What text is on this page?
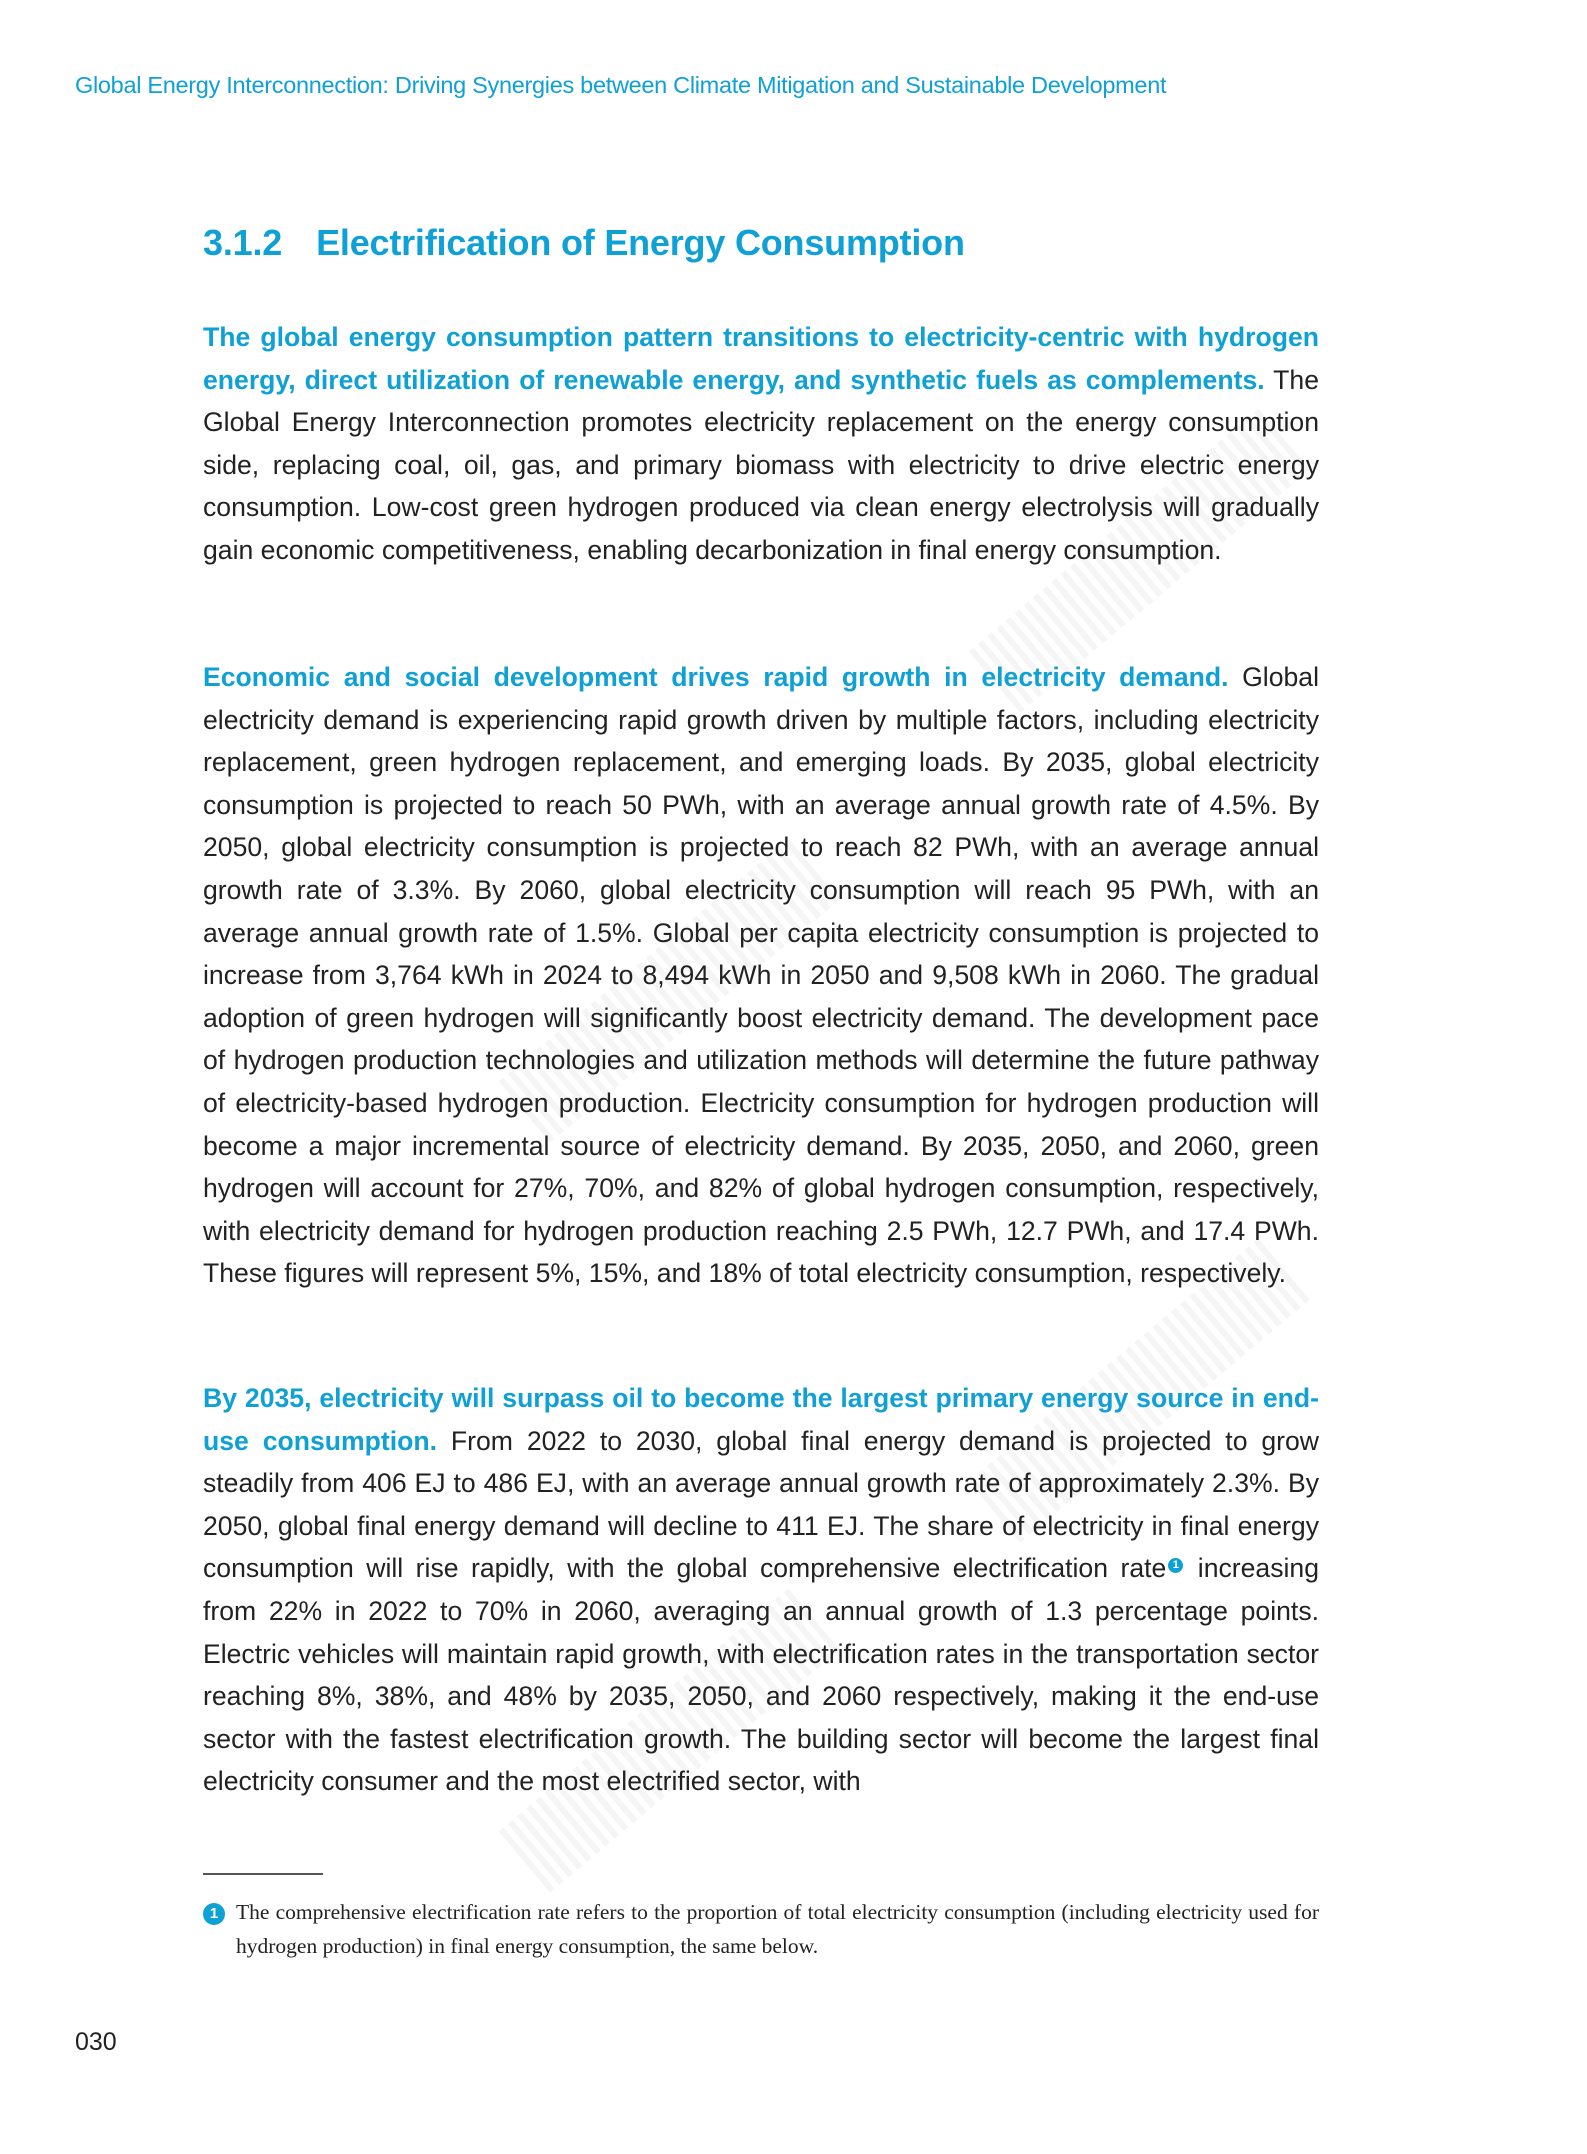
Global Energy Interconnection: Driving Synergies between Climate Mitigation and Sustainable Development
3.1.2 Electrification of Energy Consumption

The global energy consumption pattern transitions to electricity-centric with hydrogen energy, direct utilization of renewable energy, and synthetic fuels as complements. The Global Energy Interconnection promotes electricity replacement on the energy consumption side, replacing coal, oil, gas, and primary biomass with electricity to drive electric energy consumption. Low-cost green hydrogen produced via clean energy electrolysis will gradually gain economic competitiveness, enabling decarbonization in final energy consumption.

Economic and social development drives rapid growth in electricity demand. Global electricity demand is experiencing rapid growth driven by multiple factors, including electricity replacement, green hydrogen replacement, and emerging loads. By 2035, global electricity consumption is projected to reach 50 PWh, with an average annual growth rate of 4.5%. By 2050, global electricity consumption is projected to reach 82 PWh, with an average annual growth rate of 3.3%. By 2060, global electricity consumption will reach 95 PWh, with an average annual growth rate of 1.5%. Global per capita electricity consumption is projected to increase from 3,764 kWh in 2024 to 8,494 kWh in 2050 and 9,508 kWh in 2060. The gradual adoption of green hydrogen will significantly boost electricity demand. The development pace of hydrogen production technologies and utilization methods will determine the future pathway of electricity-based hydrogen production. Electricity consumption for hydrogen production will become a major incremental source of electricity demand. By 2035, 2050, and 2060, green hydrogen will account for 27%, 70%, and 82% of global hydrogen consumption, respectively, with electricity demand for hydrogen production reaching 2.5 PWh, 12.7 PWh, and 17.4 PWh. These figures will represent 5%, 15%, and 18% of total electricity consumption, respectively.

By 2035, electricity will surpass oil to become the largest primary energy source in end-use consumption. From 2022 to 2030, global final energy demand is projected to grow steadily from 406 EJ to 486 EJ, with an average annual growth rate of approximately 2.3%. By 2050, global final energy demand will decline to 411 EJ. The share of electricity in final energy consumption will rise rapidly, with the global comprehensive electrification rate 1 increasing from 22% in 2022 to 70% in 2060, averaging an annual growth of 1.3 percentage points. Electric vehicles will maintain rapid growth, with electrification rates in the transportation sector reaching 8%, 38%, and 48% by 2035, 2050, and 2060 respectively, making it the end-use sector with the fastest electrification growth. The building sector will become the largest final electricity consumer and the most electrified sector, with

1 The comprehensive electrification rate refers to the proportion of total electricity consumption (including electricity used for hydrogen production) in final energy consumption, the same below.
030
